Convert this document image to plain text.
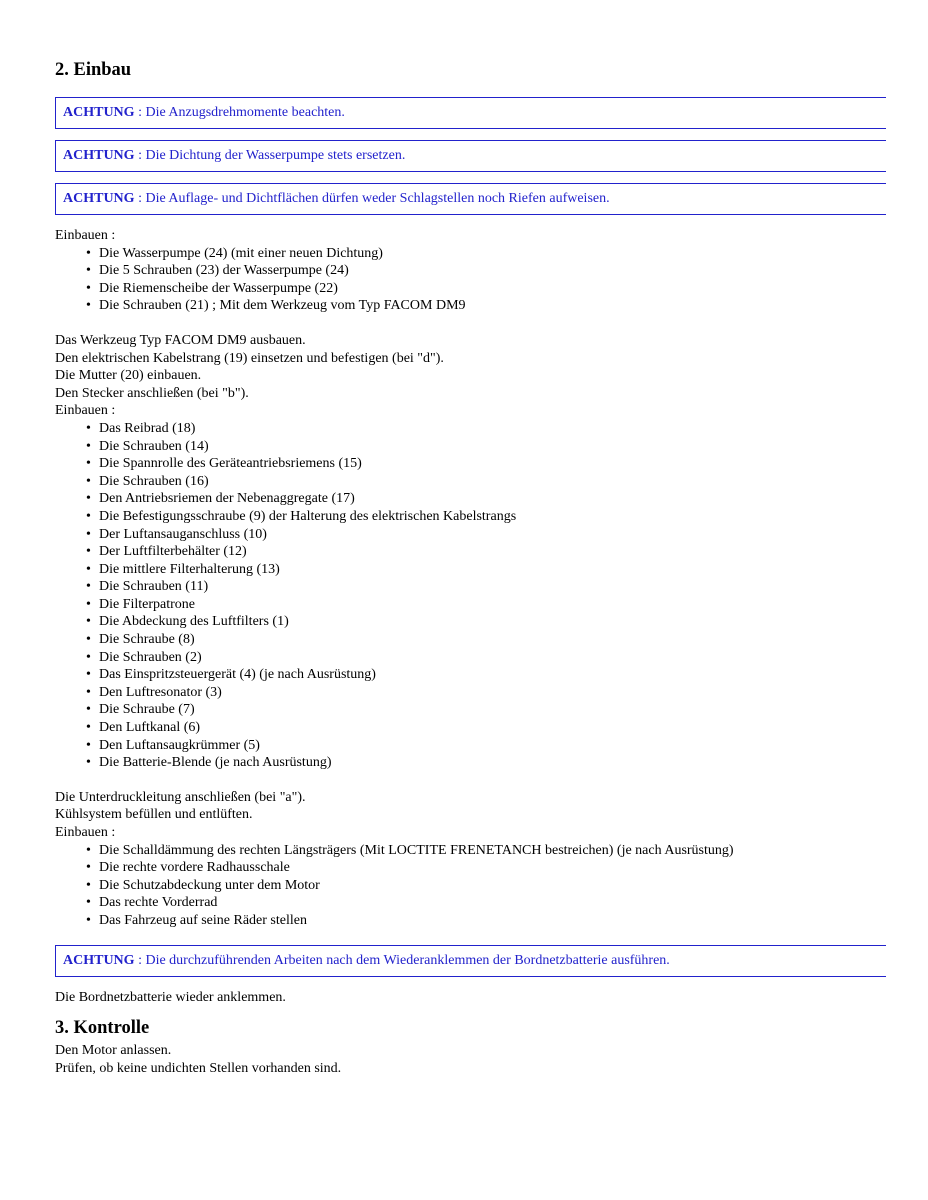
2. Einbau
ACHTUNG : Die Anzugsdrehmomente beachten.
ACHTUNG : Die Dichtung der Wasserpumpe stets ersetzen.
ACHTUNG : Die Auflage- und Dichtflächen dürfen weder Schlagstellen noch Riefen aufweisen.
Einbauen :
• Die Wasserpumpe (24) (mit einer neuen Dichtung)
• Die 5 Schrauben (23) der Wasserpumpe (24)
• Die Riemenscheibe der Wasserpumpe (22)
• Die Schrauben (21) ; Mit dem Werkzeug vom Typ FACOM DM9
Das Werkzeug Typ FACOM DM9 ausbauen.
Den elektrischen Kabelstrang (19) einsetzen und befestigen (bei "d").
Die Mutter (20) einbauen.
Den Stecker anschließen (bei "b").
Einbauen :
• Das Reibrad (18)
• Die Schrauben (14)
• Die Spannrolle des Geräteantriebsriemens (15)
• Die Schrauben (16)
• Den Antriebsriemen der Nebenaggregate (17)
• Die Befestigungsschraube (9) der Halterung des elektrischen Kabelstrangs
• Der Luftansauganschluss (10)
• Der Luftfilterbehälter (12)
• Die mittlere Filterhalterung (13)
• Die Schrauben (11)
• Die Filterpatrone
• Die Abdeckung des Luftfilters (1)
• Die Schraube (8)
• Die Schrauben (2)
• Das Einspritzsteuergerät (4) (je nach Ausrüstung)
• Den Luftresonator (3)
• Die Schraube (7)
• Den Luftkanal (6)
• Den Luftansaugkrümmer (5)
• Die Batterie-Blende (je nach Ausrüstung)
Die Unterdruckleitung anschließen (bei "a").
Kühlsystem befüllen und entlüften.
Einbauen :
• Die Schalldämmung des rechten Längsträgers (Mit LOCTITE FRENETANCH bestreichen) (je nach Ausrüstung)
• Die rechte vordere Radhausschale
• Die Schutzabdeckung unter dem Motor
• Das rechte Vorderrad
• Das Fahrzeug auf seine Räder stellen
ACHTUNG : Die durchzuführenden Arbeiten nach dem Wiederanklemmen der Bordnetzbatterie ausführen.
Die Bordnetzbatterie wieder anklemmen.
3. Kontrolle
Den Motor anlassen.
Prüfen, ob keine undichten Stellen vorhanden sind.
